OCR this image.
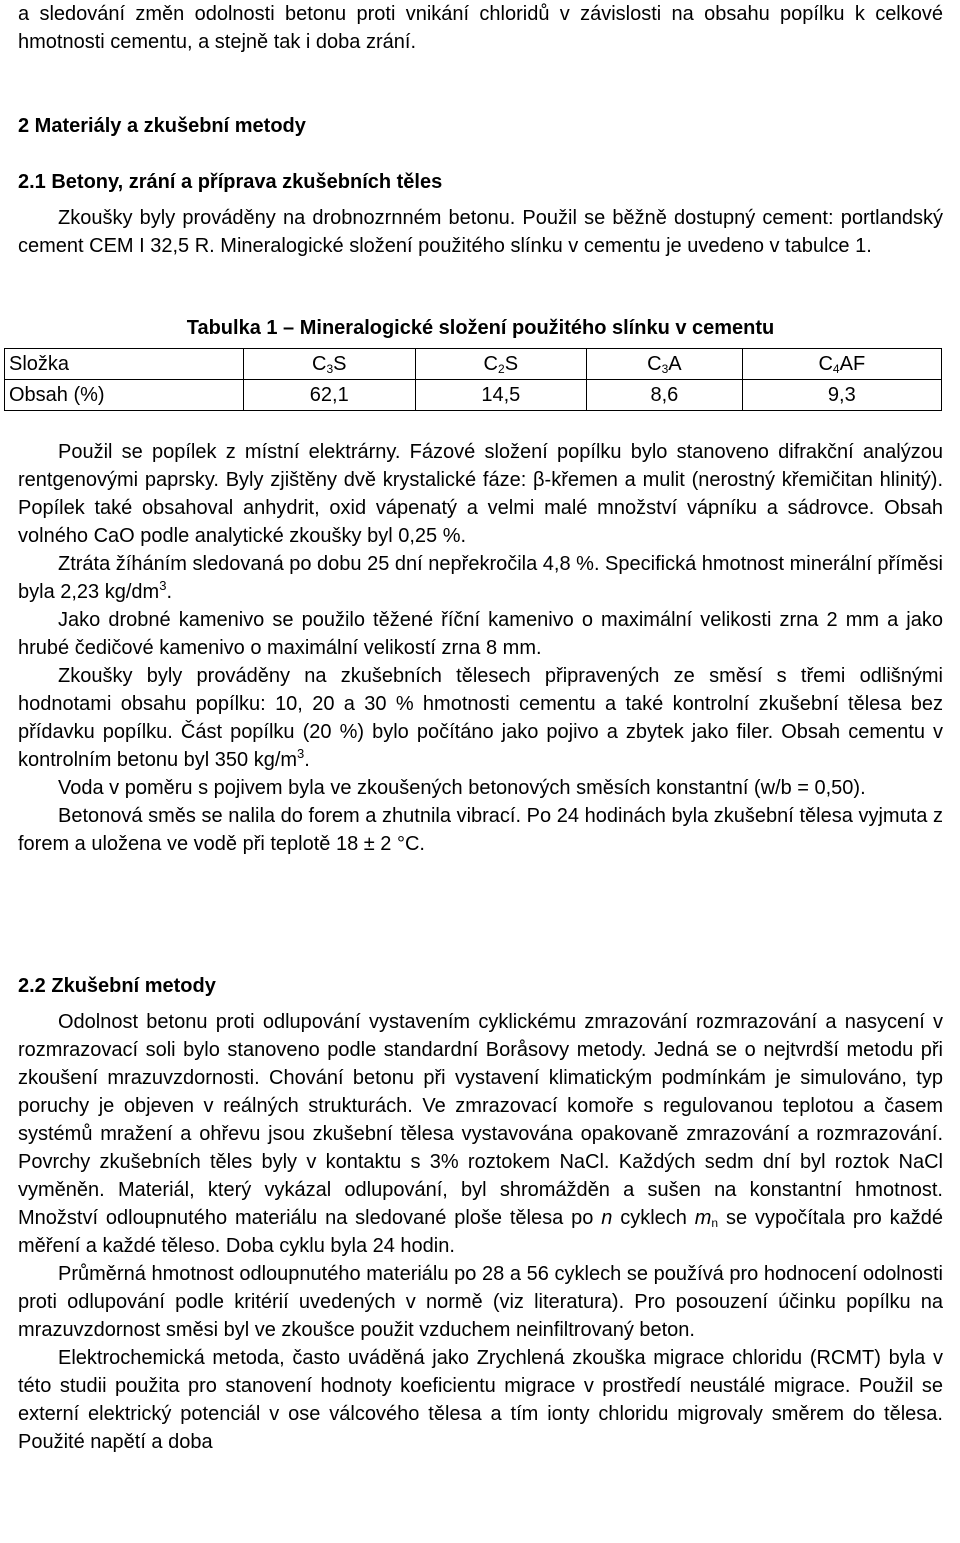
a sledování změn odolnosti betonu proti vnikání chloridů v závislosti na obsahu popílku k celkové hmotnosti cementu, a stejně tak i doba zrání.

2 Materiály a zkušební metody
2.1 Betony, zrání a příprava zkušebních těles

Zkoušky byly prováděny na drobnozrnném betonu. Použil se běžně dostupný cement: portlandský cement CEM I 32,5 R. Mineralogické složení použitého slínku v cementu je uvedeno v tabulce 1.

Tabulka 1 – Mineralogické složení použitého slínku v cementu

Složka	$C_3S$	$C_2S$	$C_3A$	$C_4AF$
Obsah (%)	62,1	14,5	8,6	9,3

Použil se popílek z místní elektrárny. Fázové složení popílku bylo stanoveno difrakční analýzou rentgenovými paprsky. Byly zjištěny dvě krystalické fáze: β-křemen a mulit (nerostný křemičitan hlinitý). Popílek také obsahoval anhydrit, oxid vápenatý a velmi malé množství vápníku a sádrovce. Obsah volného CaO podle analytické zkoušky byl 0,25 %.

Ztráta žíháním sledovaná po dobu 25 dní nepřekročila 4,8 %. Specifická hmotnost minerální příměsi byla 2,23 $kg/dm^3$.

Jako drobné kamenivo se použilo těžené říční kamenivo o maximální velikosti zrna 2 mm a jako hrubé čedičové kamenivo o maximální velikostí zrna 8 mm.

Zkoušky byly prováděny na zkušebních tělesech připravených ze směsí s třemi odlišnými hodnotami obsahu popílku: 10, 20 a 30 % hmotnosti cementu a také kontrolní zkušební tělesa bez přídavku popílku. Část popílku (20 %) bylo počítáno jako pojivo a zbytek jako filer. Obsah cementu v kontrolním betonu byl 350 $kg/m^3$.

Voda v poměru s pojivem byla ve zkoušených betonových směsích konstantní (w/b = 0,50).

Betonová směs se nalila do forem a zhutnila vibrací. Po 24 hodinách byla zkušební tělesa vyjmuta z forem a uložena ve vodě při teplotě 18 ± 2 °C.

2.2 Zkušební metody

Odolnost betonu proti odlupování vystavením cyklickému zmrazování rozmrazování a nasycení v rozmrazovací soli bylo stanoveno podle standardní Boråsovy metody. Jedná se o nejtvrdší metodu při zkoušení mrazuvzdornosti. Chování betonu při vystavení klimatickým podmínkám je simulováno, typ poruchy je objeven v reálných strukturách. Ve zmrazovací komoře s regulovanou teplotou a časem systémů mražení a ohřevu jsou zkušební tělesa vystavována opakovaně zmrazování a rozmrazování. Povrchy zkušebních těles byly v kontaktu s 3% roztokem NaCl. Každých sedm dní byl roztok NaCl vyměněn. Materiál, který vykázal odlupování, byl shromážděn a sušen na konstantní hmotnost. Množství odloupnutého materiálu na sledované ploše tělesa po n cyklech $m_n$ se vypočítala pro každé měření a každé těleso. Doba cyklu byla 24 hodin.

Průměrná hmotnost odloupnutého materiálu po 28 a 56 cyklech se používá pro hodnocení odolnosti proti odlupování podle kritérií uvedených v normě (viz literatura). Pro posouzení účinku popílku na mrazuvzdornost směsi byl ve zkoušce použit vzduchem neinfiltrovaný beton.

Elektrochemická metoda, často uváděná jako Zrychlená zkouška migrace chloridu (RCMT) byla v této studii použita pro stanovení hodnoty koeficientu migrace v prostředí neustálé migrace. Použil se externí elektrický potenciál v ose válcového tělesa a tím ionty chloridu migrovaly směrem do tělesa. Použité napětí a doba
